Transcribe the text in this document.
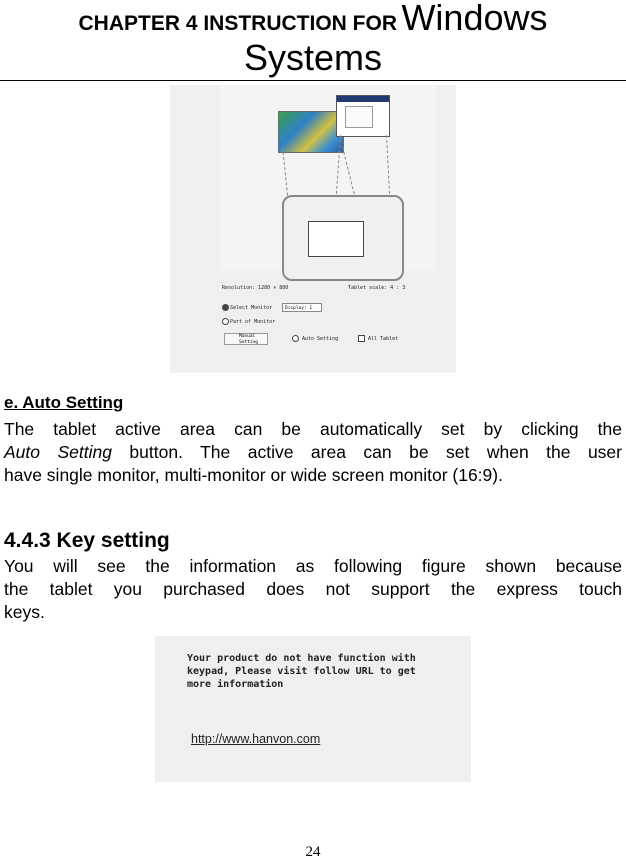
CHAPTER 4 INSTRUCTION FOR Windows
Systems
Resolution: 1280 × 800	Tablet scale: 4 : 3
Select Monitor	Display: 1
Part of Monitor
Manual
Setting
Auto Setting	All Tablet
e. Auto Setting
The tablet active area can be automatically set by clicking the
Auto Setting button. The active area can be set when the user
have single monitor, multi-monitor or wide screen monitor (16:9).
4.4.3 Key setting
You will see the information as following figure shown because
the tablet you purchased does not support the express touch
keys.
Your product do not have function with
keypad, Please visit follow URL to get
more information
http://www.hanvon.com
24
